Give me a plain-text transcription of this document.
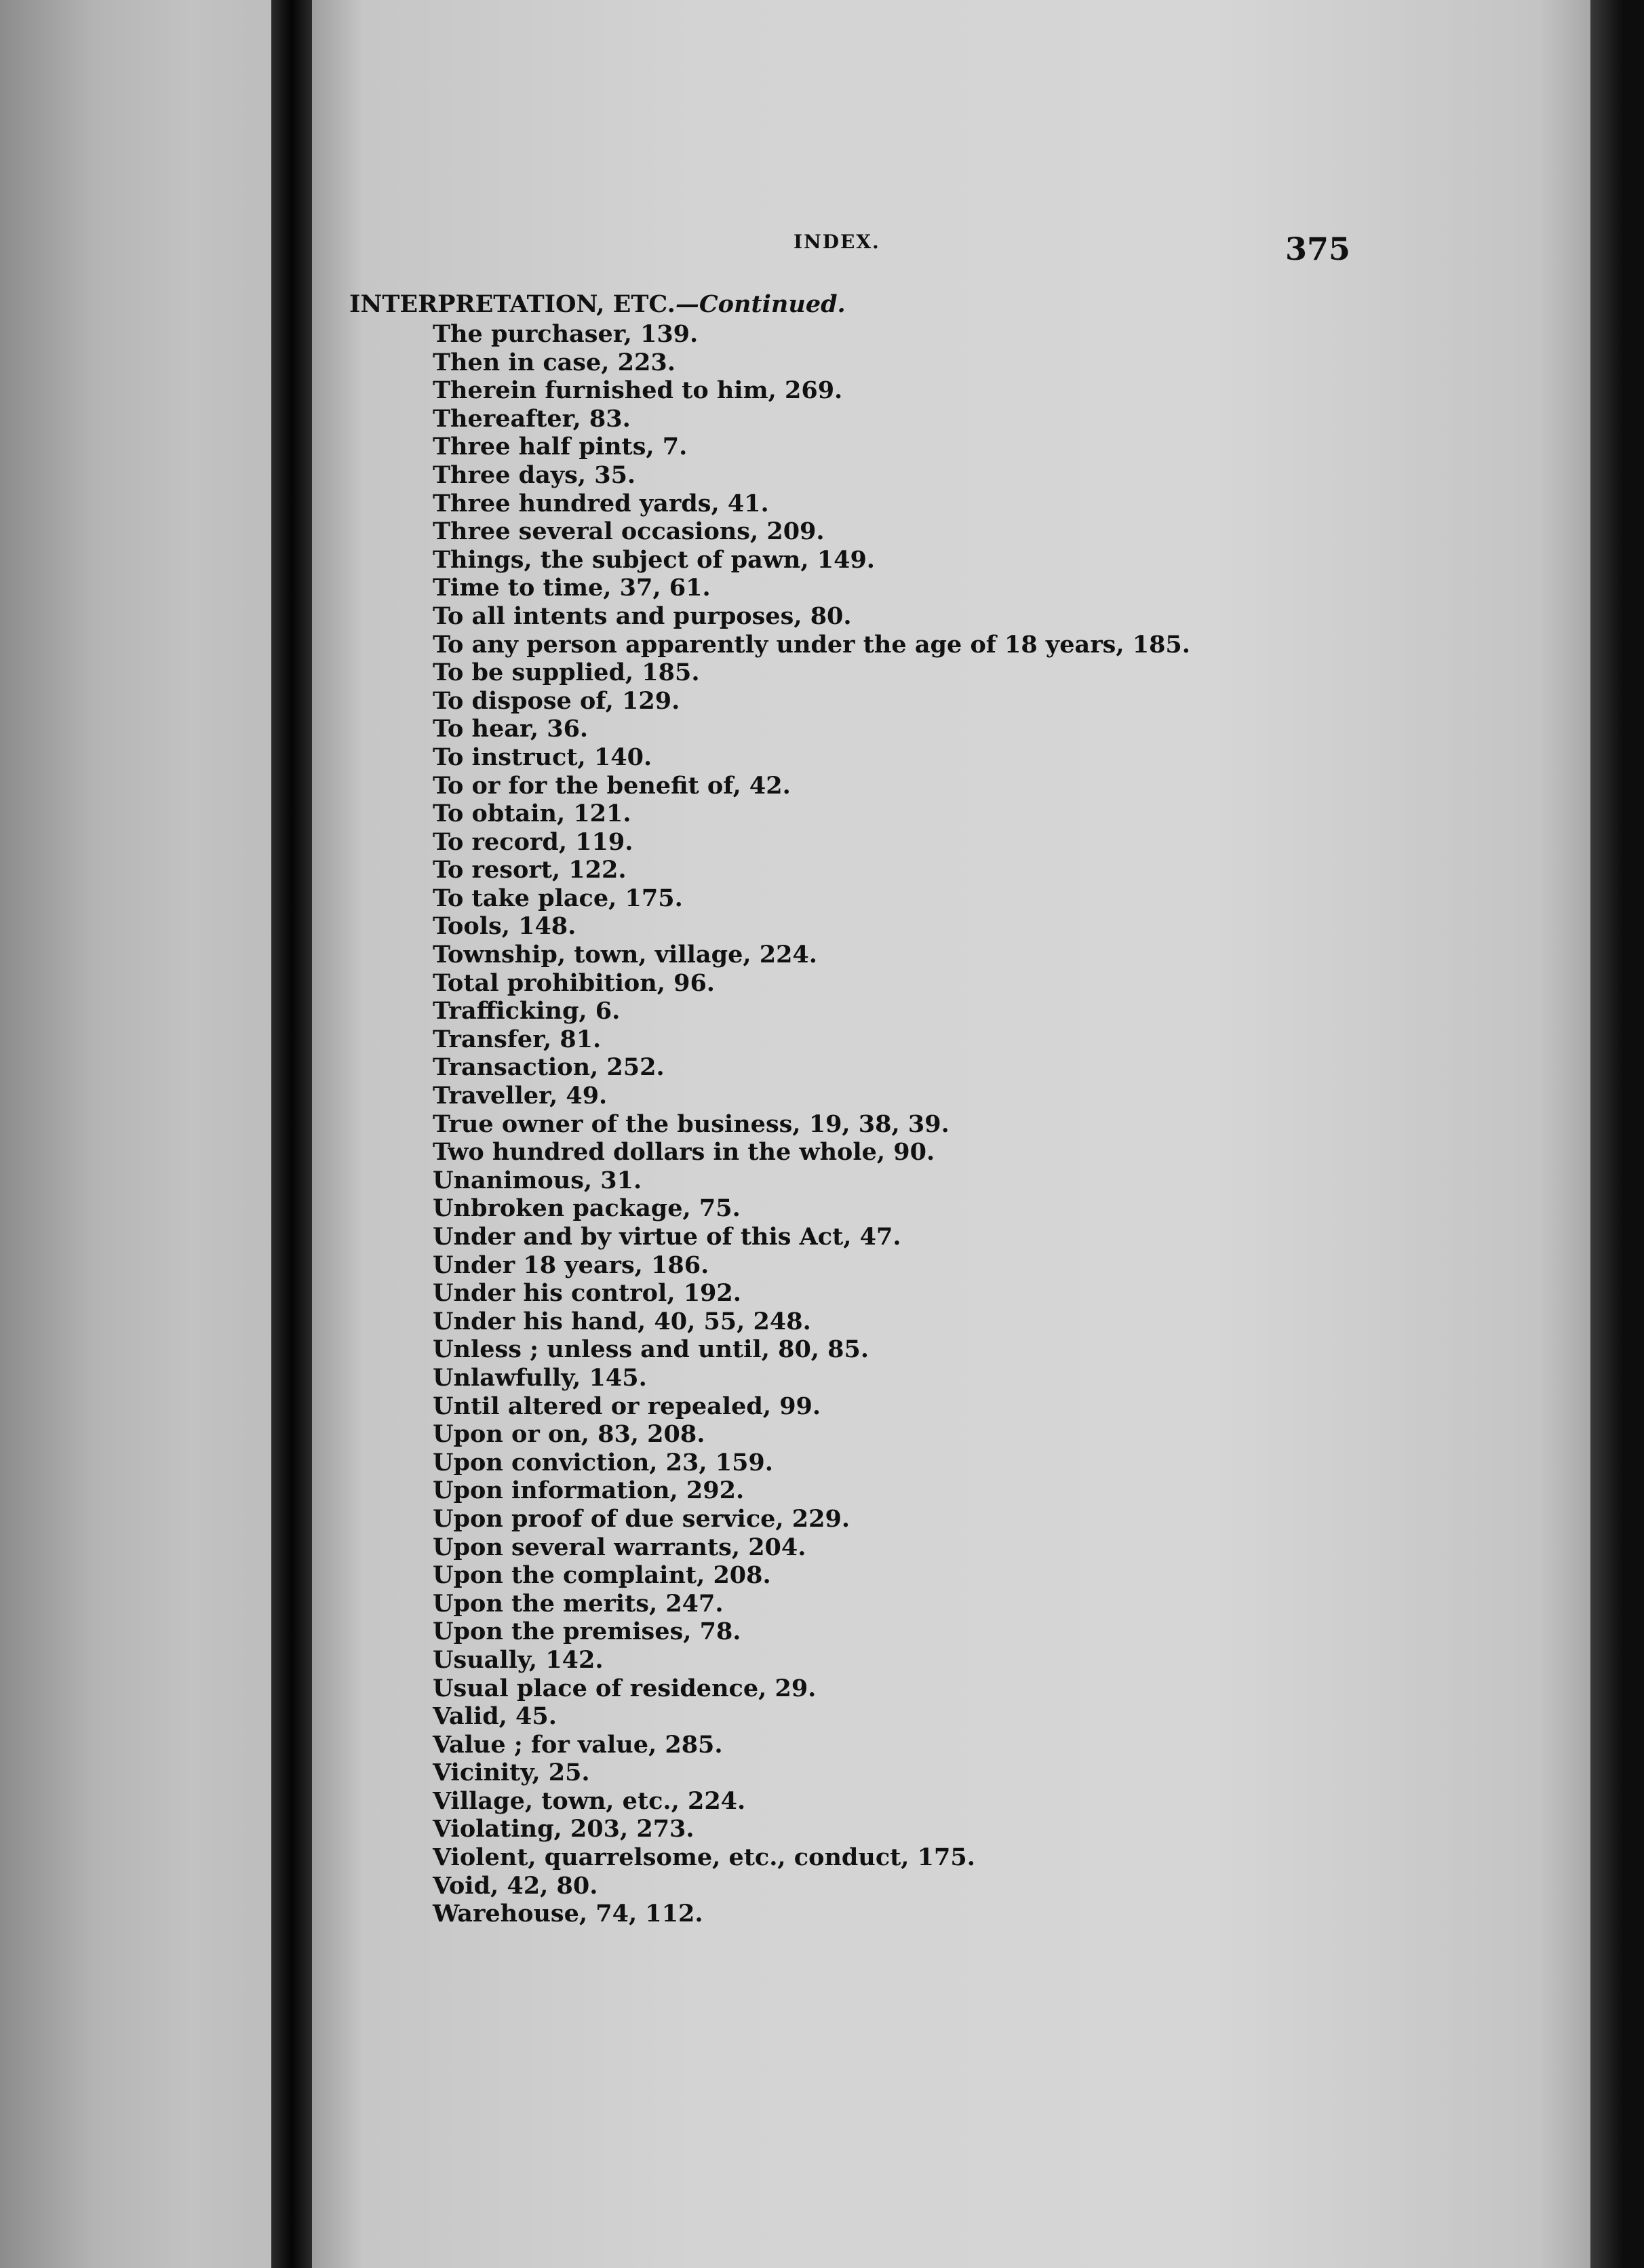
INDEX.	375
INTERPRETATION, ETC.—Continued.
The purchaser, 139.
Then in case, 223.
Therein furnished to him, 269.
Thereafter, 83.
Three half pints, 7.
Three days, 35.
Three hundred yards, 41.
Three several occasions, 209.
Things, the subject of pawn, 149.
Time to time, 37, 61.
To all intents and purposes, 80.
To any person apparently under the age of 18 years, 185.
To be supplied, 185.
To dispose of, 129.
To hear, 36.
To instruct, 140.
To or for the benefit of, 42.
To obtain, 121.
To record, 119.
To resort, 122.
To take place, 175.
Tools, 148.
Township, town, village, 224.
Total prohibition, 96.
Trafficking, 6.
Transfer, 81.
Transaction, 252.
Traveller, 49.
True owner of the business, 19, 38, 39.
Two hundred dollars in the whole, 90.
Unanimous, 31.
Unbroken package, 75.
Under and by virtue of this Act, 47.
Under 18 years, 186.
Under his control, 192.
Under his hand, 40, 55, 248.
Unless ; unless and until, 80, 85.
Unlawfully, 145.
Until altered or repealed, 99.
Upon or on, 83, 208.
Upon conviction, 23, 159.
Upon information, 292.
Upon proof of due service, 229.
Upon several warrants, 204.
Upon the complaint, 208.
Upon the merits, 247.
Upon the premises, 78.
Usually, 142.
Usual place of residence, 29.
Valid, 45.
Value ; for value, 285.
Vicinity, 25.
Village, town, etc., 224.
Violating, 203, 273.
Violent, quarrelsome, etc., conduct, 175.
Void, 42, 80.
Warehouse, 74, 112.
